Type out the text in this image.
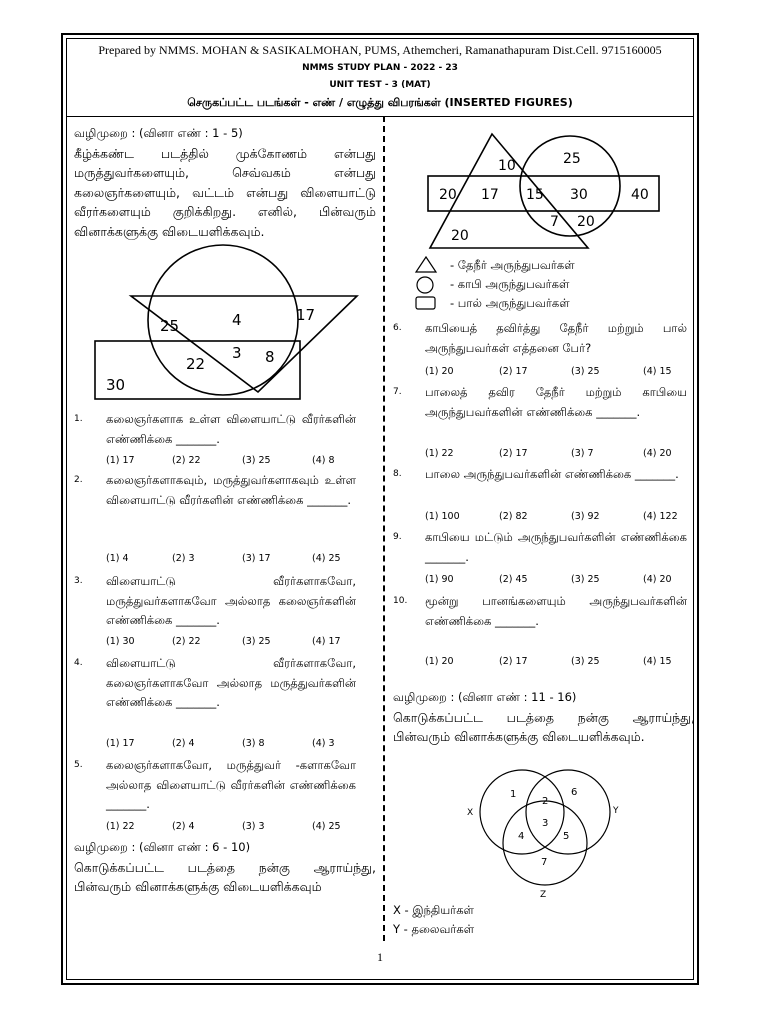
Prepared by NMMS. MOHAN & SASIKALMOHAN, PUMS, Athemcheri, Ramanathapuram Dist.Cell. 9715160005
NMMS STUDY PLAN - 2022 - 23
UNIT TEST - 3 (MAT)
செருகப்பட்ட படங்கள் - எண் / எழுத்து விபரங்கள் (INSERTED FIGURES)
வழிமுறை : (வினா எண் : 1 - 5)
கீழ்க்கண்ட படத்தில் முக்கோணம் என்பது மருத்துவர்களையும், செவ்வகம் என்பது கலைஞர்களையும், வட்டம் என்பது விளையாட்டு வீரர்களையும் குறிக்கிறது. எனில், பின்வரும் வினாக்களுக்கு விடையளிக்கவும்.
25	4	17
22
3 8
30
1.	கலைஞர்களாக உள்ள விளையாட்டு வீரர்களின் எண்ணிக்கை _______.
(1) 17	(2) 22	(3) 25	(4) 8
2.	கலைஞர்களாகவும், மருத்துவர்களாகவும் உள்ள விளையாட்டு வீரர்களின் எண்ணிக்கை _______.
(1) 4	(2) 3	(3) 17	(4) 25
3.	விளையாட்டு வீரர்களாகவோ, மருத்துவர்களாகவோ அல்லாத கலைஞர்களின் எண்ணிக்கை _______.
(1) 30	(2) 22	(3) 25	(4) 17
4.	விளையாட்டு வீரர்களாகவோ, கலைஞர்களாகவோ அல்லாத மருத்துவர்களின் எண்ணிக்கை _______.
(1) 17	(2) 4	(3) 8	(4) 3
5.	கலைஞர்களாகவோ, மருத்துவர் -களாகவோ அல்லாத விளையாட்டு வீரர்களின் எண்ணிக்கை _______.
(1) 22	(2) 4	(3) 3	(4) 25
வழிமுறை : (வினா எண் : 6 - 10)
கொடுக்கப்பட்ட படத்தை நன்கு ஆராய்ந்து, பின்வரும் வினாக்களுக்கு விடையளிக்கவும்
10	25
20 17 15 30	40
7 20
20
- தேநீர் அருந்துபவர்கள்
- காபி அருந்துபவர்கள்
- பால் அருந்துபவர்கள்
6.	காபியைத் தவிர்த்து தேநீர் மற்றும் பால் அருந்துபவர்கள் எத்தனை பேர்?
(1) 20	(2) 17	(3) 25	(4) 15
7.	பாலைத் தவிர தேநீர் மற்றும் காபியை அருந்துபவர்களின் எண்ணிக்கை _______.
(1) 22	(2) 17	(3) 7	(4) 20
8.	பாலை அருந்துபவர்களின் எண்ணிக்கை _______.
(1) 100	(2) 82	(3) 92	(4) 122
9.	காபியை மட்டும் அருந்துபவர்களின் எண்ணிக்கை _______.
(1) 90	(2) 45	(3) 25	(4) 20
10.	மூன்று பானங்களையும் அருந்துபவர்களின் எண்ணிக்கை _______.
(1) 20	(2) 17	(3) 25	(4) 15
வழிமுறை : (வினா எண் : 11 - 16)
கொடுக்கப்பட்ட படத்தை நன்கு ஆராய்ந்து, பின்வரும் வினாக்களுக்கு விடையளிக்கவும்.
1
2
6
3
4	5
7
X	Y
Z
X - இந்தியர்கள்
Y - தலைவர்கள்
1
